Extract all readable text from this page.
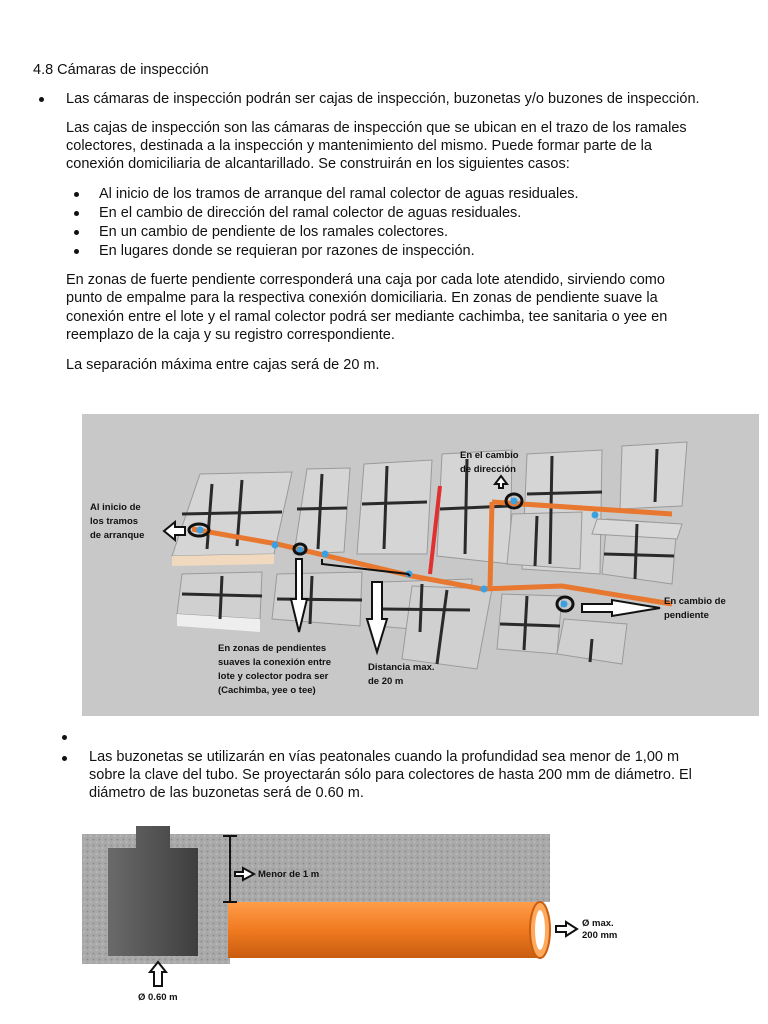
4.8 Cámaras de inspección
Las cámaras de inspección podrán ser cajas de inspección, buzonetas y/o buzones de inspección.
Las cajas de inspección son las cámaras de inspección que se ubican en el trazo de los ramales
colectores, destinada a la inspección y mantenimiento del mismo. Puede formar parte de la
conexión domiciliaria de alcantarillado. Se construirán en los siguientes casos:
Al inicio de los tramos de arranque del ramal colector de aguas residuales.
En el cambio de dirección del ramal colector de aguas residuales.
En un cambio de pendiente de los ramales colectores.
En lugares donde se requieran por razones de inspección.
En zonas de fuerte pendiente corresponderá una caja por cada lote atendido, sirviendo como
punto de empalme para la respectiva conexión domiciliaria. En zonas de pendiente suave la
conexión entre el lote y el ramal colector podrá ser mediante cachimba, tee sanitaria o yee en
reemplazo de la caja y su registro correspondiente.
La separación máxima entre cajas será de 20 m.
Al inicio de
los tramos
de arranque
En el cambio
de dirección
En cambio de
pendiente
En zonas de pendientes
suaves la conexión entre
lote y colector podra ser
(Cachimba, yee o tee)
Distancia max.
de 20 m
Las buzonetas se utilizarán en vías peatonales cuando la profundidad sea menor de 1,00 m
sobre la clave del tubo. Se proyectarán sólo para colectores de hasta 200 mm de diámetro. El
diámetro de las buzonetas será de 0.60 m.
Menor de 1 m
Ø max.
200 mm
Ø 0.60 m
